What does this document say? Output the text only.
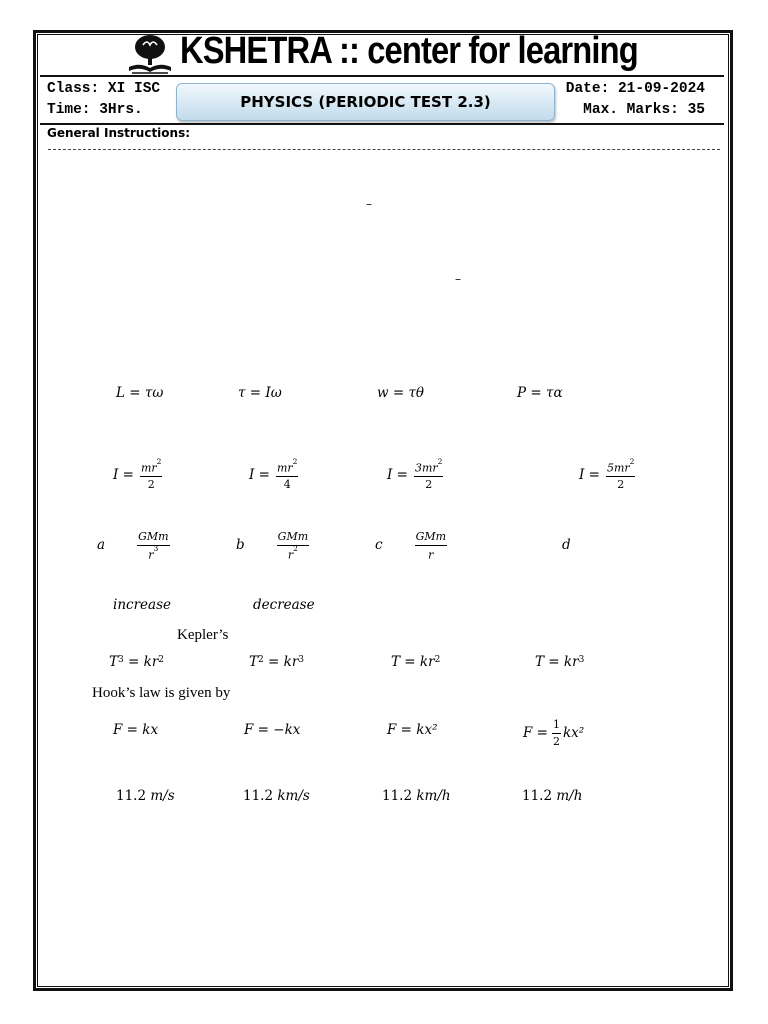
KSHETRA :: center for learning
Class: XI ISC
Time: 3Hrs.
Date: 21-09-2024
Max. Marks: 35
PHYSICS (PERIODIC TEST 2.3)
General Instructions:
–
–
L = τω	τ = Iω	w = τθ	P = τα
$I = \frac{mr^2}{2}$	$I = \frac{mr^2}{4}$	$I = \frac{3mr^2}{2}$	$I = \frac{5mr^2}{2}$
a	$\frac{\text{GMm}}{r^3}$	b	$\frac{\text{GMm}}{r^2}$	c	$\frac{\text{GMm}}{r}$	d
increase	decrease
Kepler’s
$T^3 = kr^2$	$T^2 = kr^3$	$T = kr^2$	$T = kr^3$
Hook’s law is given by
F = kx	F = −kx	F = kx²	$F = \frac{1}{2} kx^2$
11.2
m/s	11.2
km/s	11.2
km/h	11.2
m/h
